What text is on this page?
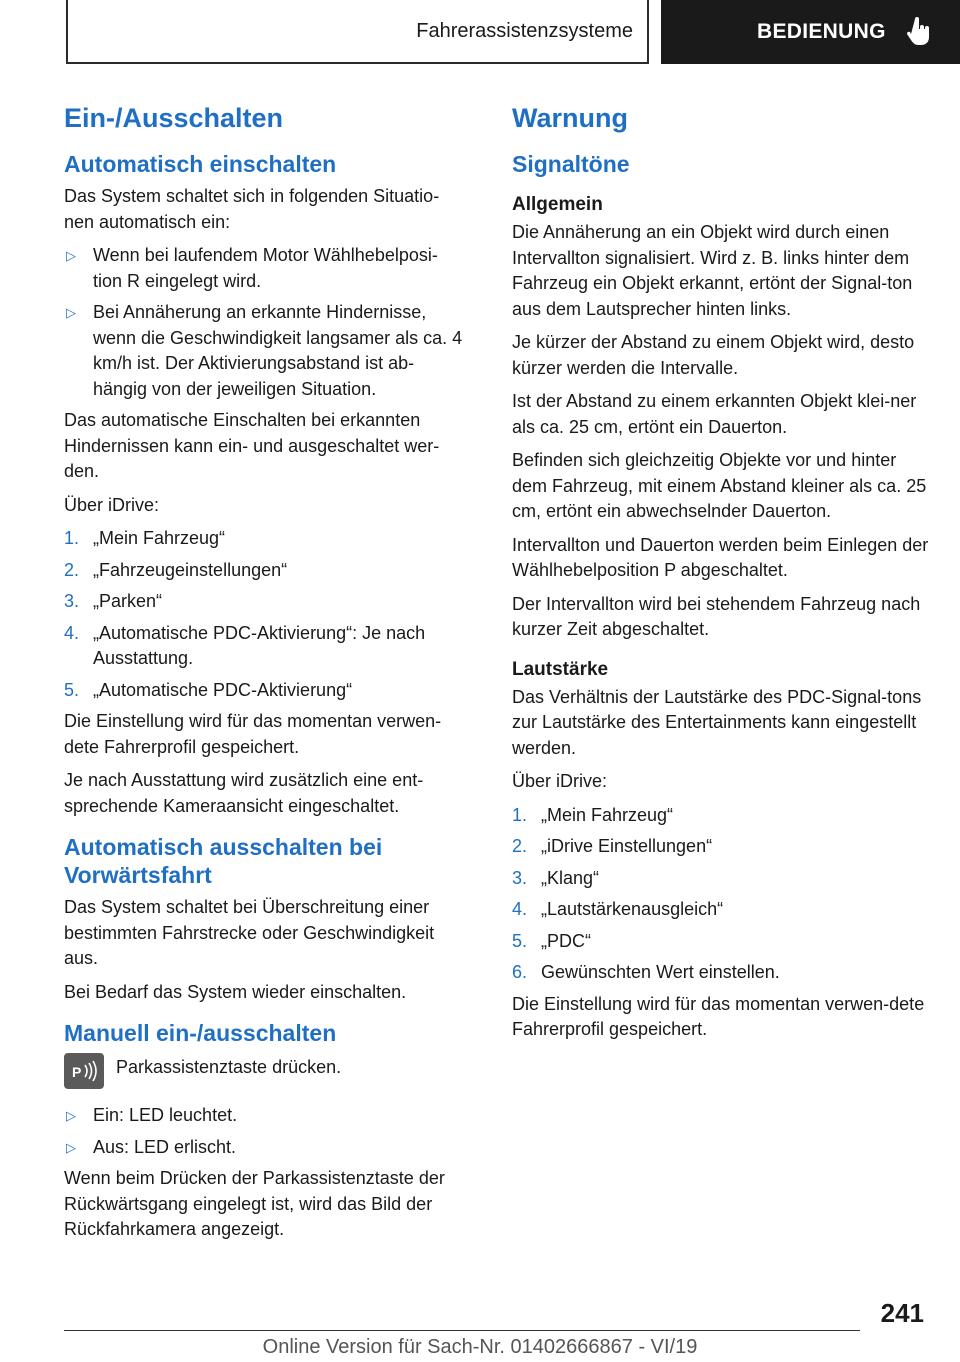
Fahrerassistenzsysteme	BEDIENUNG
Ein-/Ausschalten
Automatisch einschalten

Das System schaltet sich in folgenden Situatio-nen automatisch ein:

▷ Wenn bei laufendem Motor Wählhebelposi-tion R eingelegt wird.
▷ Bei Annäherung an erkannte Hindernisse, wenn die Geschwindigkeit langsamer als ca. 4 km/h ist. Der Aktivierungsabstand ist ab-hängig von der jeweiligen Situation.

Das automatische Einschalten bei erkannten Hindernissen kann ein- und ausgeschaltet wer-den.

Über iDrive:

1. „Mein Fahrzeug“
2. „Fahrzeugeinstellungen“
3. „Parken“
4. „Automatische PDC-Aktivierung“: Je nach Ausstattung.
5. „Automatische PDC-Aktivierung“

Die Einstellung wird für das momentan verwen-dete Fahrerprofil gespeichert.

Je nach Ausstattung wird zusätzlich eine ent-sprechende Kameraansicht eingeschaltet.

Automatisch ausschalten bei Vorwärtsfahrt

Das System schaltet bei Überschreitung einer bestimmten Fahrstrecke oder Geschwindigkeit aus.

Bei Bedarf das System wieder einschalten.

Manuell ein-/ausschalten
P Parkassistenztaste drücken.

▷ Ein: LED leuchtet.
▷ Aus: LED erlischt.

Wenn beim Drücken der Parkassistenztaste der Rückwärtsgang eingelegt ist, wird das Bild der Rückfahrkamera angezeigt.

Warnung
Signaltöne
Allgemein

Die Annäherung an ein Objekt wird durch einen Intervallton signalisiert. Wird z. B. links hinter dem Fahrzeug ein Objekt erkannt, ertönt der Signal-ton aus dem Lautsprecher hinten links.

Je kürzer der Abstand zu einem Objekt wird, desto kürzer werden die Intervalle.

Ist der Abstand zu einem erkannten Objekt klei-ner als ca. 25 cm, ertönt ein Dauerton.

Befinden sich gleichzeitig Objekte vor und hinter dem Fahrzeug, mit einem Abstand kleiner als ca. 25 cm, ertönt ein abwechselnder Dauerton.

Intervallton und Dauerton werden beim Einlegen der Wählhebelposition P abgeschaltet.

Der Intervallton wird bei stehendem Fahrzeug nach kurzer Zeit abgeschaltet.

Lautstärke

Das Verhältnis der Lautstärke des PDC-Signal-tons zur Lautstärke des Entertainments kann eingestellt werden.

Über iDrive:

1. „Mein Fahrzeug“
2. „iDrive Einstellungen“
3. „Klang“
4. „Lautstärkenausgleich“
5. „PDC“
6. Gewünschten Wert einstellen.

Die Einstellung wird für das momentan verwen-dete Fahrerprofil gespeichert.

241
Online Version für Sach-Nr. 01402666867 - VI/19
